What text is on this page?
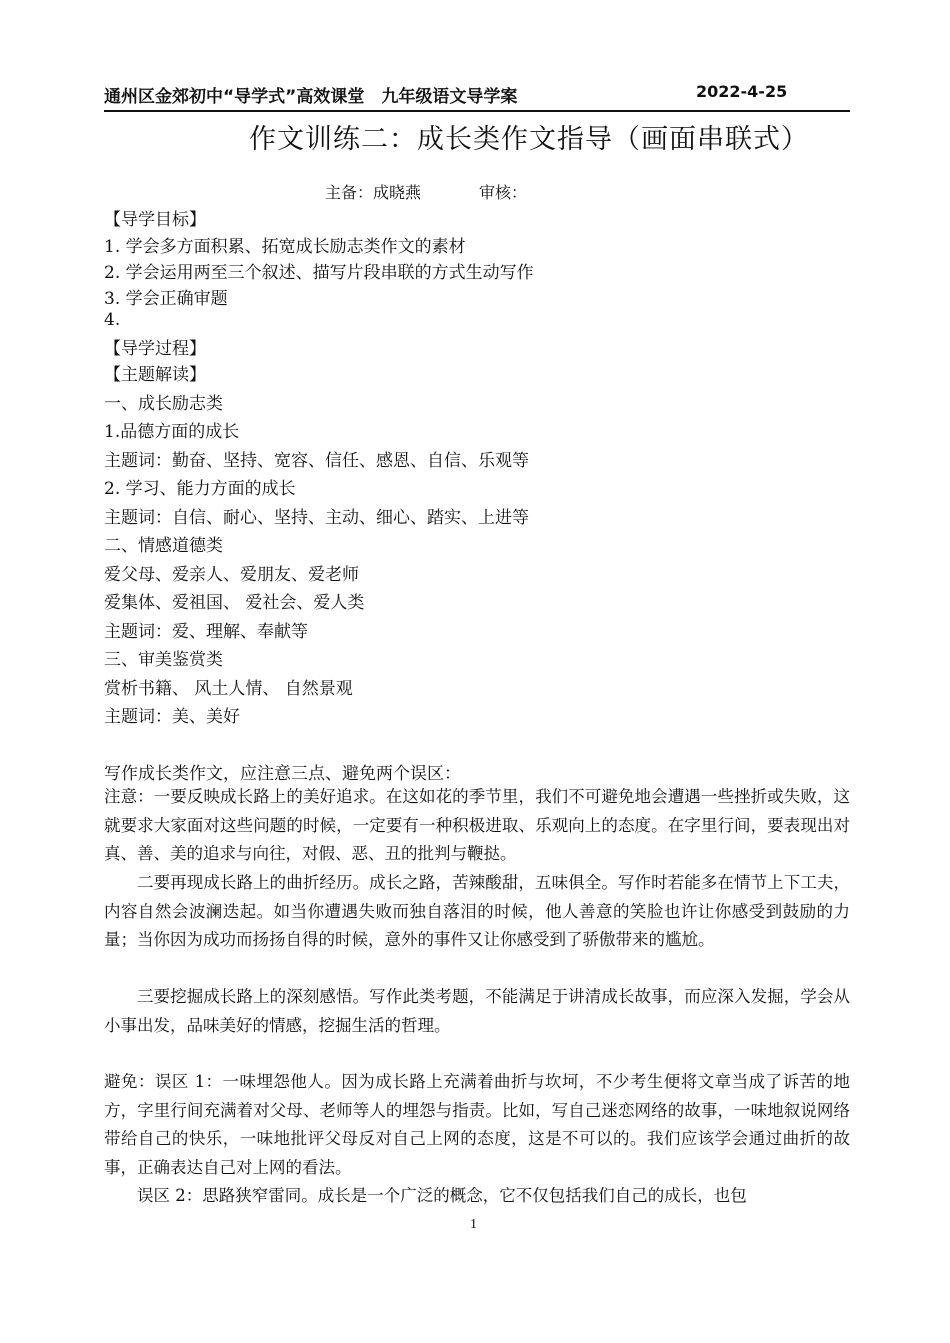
通州区金郊初中“导学式”高效课堂　九年级语文导学案	2022-4-25
作文训练二：成长类作文指导（画面串联式）
主备：成晓燕	审核：
【导学目标】
1. 学会多方面积累、拓宽成长励志类作文的素材
2. 学会运用两至三个叙述、描写片段串联的方式生动写作
3. 学会正确审题
4.
【导学过程】
【主题解读】
一、成长励志类
1.品德方面的成长
主题词：勤奋、坚持、宽容、信任、感恩、自信、乐观等
2. 学习、能力方面的成长
主题词：自信、耐心、坚持、主动、细心、踏实、上进等
二、情感道德类
爱父母、爱亲人、爱朋友、爱老师
爱集体、爱祖国、 爱社会、爱人类
主题词：爱、理解、奉献等
三、审美鉴赏类
赏析书籍、 风土人情、 自然景观
主题词：美、美好
写作成长类作文，应注意三点、避免两个误区：
注意：一要反映成长路上的美好追求。在这如花的季节里，我们不可避免地会遭遇一些挫折或失败，这就要求大家面对这些问题的时候，一定要有一种积极进取、乐观向上的态度。在字里行间，要表现出对真、善、美的追求与向往，对假、恶、丑的批判与鞭挞。
二要再现成长路上的曲折经历。成长之路，苦辣酸甜，五味俱全。写作时若能多在情节上下工夫，内容自然会波澜迭起。如当你遭遇失败而独自落泪的时候，他人善意的笑脸也许让你感受到鼓励的力量；当你因为成功而扬扬自得的时候，意外的事件又让你感受到了骄傲带来的尴尬。
三要挖掘成长路上的深刻感悟。写作此类考题，不能满足于讲清成长故事，而应深入发掘，学会从小事出发，品味美好的情感，挖掘生活的哲理。
避免：误区 1：一味埋怨他人。因为成长路上充满着曲折与坎坷，不少考生便将文章当成了诉苦的地方，字里行间充满着对父母、老师等人的埋怨与指责。比如，写自己迷恋网络的故事，一味地叙说网络带给自己的快乐，一味地批评父母反对自己上网的态度，这是不可以的。我们应该学会通过曲折的故事，正确表达自己对上网的看法。
误区 2：思路狭窄雷同。成长是一个广泛的概念，它不仅包括我们自己的成长，也包
1
